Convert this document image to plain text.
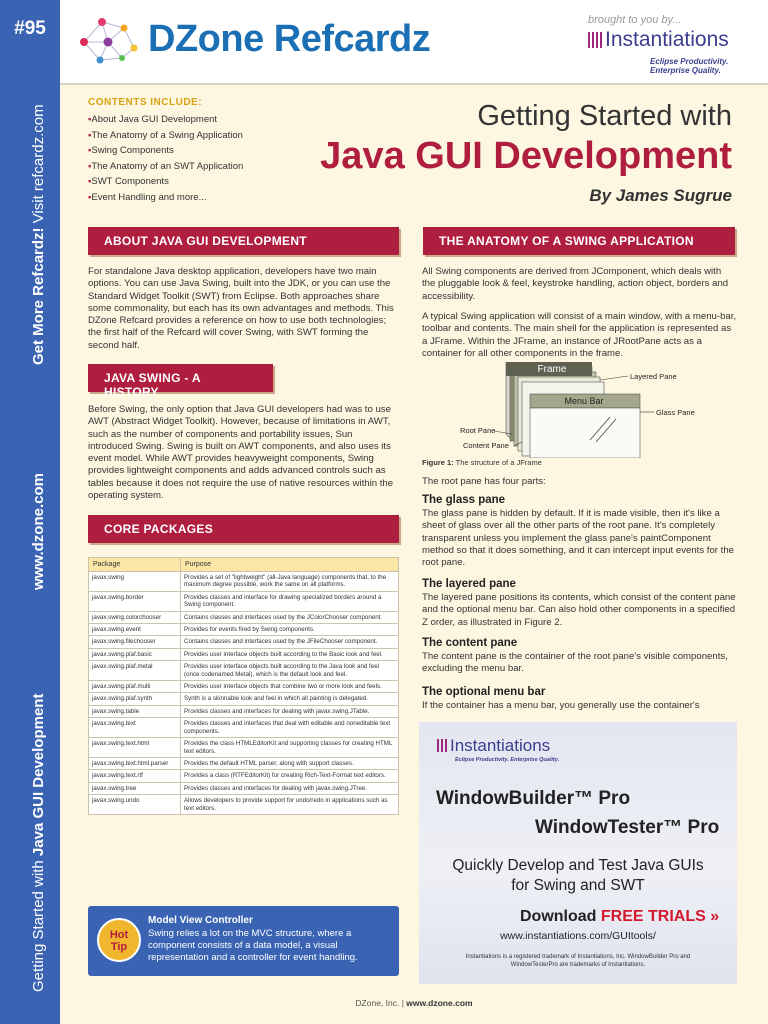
#95
Get More Refcardz! Visit refcardz.com
www.dzone.com
Getting Started with Java GUI Development
DZone Refcardz	brought to you by...
Instantiations
Eclipse Productivity. Enterprise Quality.
CONTENTS INCLUDE:
▪ About Java GUI Development
▪ The Anatomy of a Swing Application
▪ Swing Components
▪ The Anatomy of an SWT Application
▪ SWT Components
▪ Event Handling and more...
Getting Started with
Java GUI Development
By James Sugrue
ABOUT JAVA GUI DEVELOPMENT
For standalone Java desktop application, developers have two main options. You can use Java Swing, built into the JDK, or you can use the Standard Widget Toolkit (SWT) from Eclipse. Both approaches share some commonality, but each has its own advantages and methods. This DZone Refcard provides a reference on how to use both technologies; the first half of the Refcard will cover Swing, with SWT forming the second half.
JAVA SWING - A HISTORY
Before Swing, the only option that Java GUI developers had was to use AWT (Abstract Widget Toolkit). However, because of limitations in AWT, such as the number of components and portability issues, Sun introduced Swing. Swing is built on AWT components, and also uses its event model. While AWT provides heavyweight components, Swing provides lightweight components and adds advanced controls such as tables because it does not require the use of native resources within the operating system.
CORE PACKAGES
Package	Purpose
javax.swing	Provides a set of "lightweight" (all-Java language) components that, to the maximum degree possible, work the same on all platforms.
javax.swing.border	Provides classes and interface for drawing specialized borders around a Swing component.
javax.swing.colorchooser	Contains classes and interfaces used by the JColorChooser component.
javax.swing.event	Provides for events fired by Swing components.
javax.swing.filechooser	Contains classes and interfaces used by the JFileChooser component.
javax.swing.plaf.basic	Provides user interface objects built according to the Basic look and feel.
javax.swing.plaf.metal	Provides user interface objects built according to the Java look and feel (once codenamed Metal), which is the default look and feel.
javax.swing.plaf.multi	Provides user interface objects that combine two or more look and feels.
javax.swing.plaf.synth	Synth is a skinnable look and feel in which all painting is delegated.
javax.swing.table	Provides classes and interfaces for dealing with javax.swing.JTable.
javax.swing.text	Provides classes and interfaces that deal with editable and noneditable text components.
javax.swing.text.html	Provides the class HTMLEditorKit and supporting classes for creating HTML text editors.
javax.swing.text.html.parser	Provides the default HTML parser, along with support classes.
javax.swing.text.rtf	Provides a class (RTFEditorKit) for creating Rich-Text-Format text editors.
javax.swing.tree	Provides classes and interfaces for dealing with javax.swing.JTree.
javax.swing.undo	Allows developers to provide support for undo/redo in applications such as text editors.
Hot
Tip
Model View Controller
Swing relies a lot on the MVC structure, where a component consists of a data model, a visual representation and a controller for event handling.
THE ANATOMY OF A SWING APPLICATION
All Swing components are derived from JComponent, which deals with the pluggable look & feel, keystroke handling, action object, borders and accessibility.
A typical Swing application will consist of a main window, with a menu-bar, toolbar and contents. The main shell for the application is represented as a JFrame. Within the JFrame, an instance of JRootPane acts as a container for all other components in the frame.
Frame
Menu Bar
Layered Pane
Glass Pane
Root Pane
Content Pane
Figure 1: The structure of a JFrame
The root pane has four parts:
The glass pane
The glass pane is hidden by default. If it is made visible, then it's like a sheet of glass over all the other parts of the root pane. It's completely transparent unless you implement the glass pane's paintComponent method so that it does something, and it can intercept input events for the root pane.
The layered pane
The layered pane positions its contents, which consist of the content pane and the optional menu bar. Can also hold other components in a specified Z order, as illustrated in Figure 2.
The content pane
The content pane is the container of the root pane's visible components, excluding the menu bar.
The optional menu bar
If the container has a menu bar, you generally use the container's
Instantiations
Eclipse Productivity. Enterprise Quality.
WindowBuilder™ Pro
WindowTester™ Pro
Quickly Develop and Test Java GUIs
for Swing and SWT
Download FREE TRIALS »
www.instantiations.com/GUItools/
Instantiations is a registered trademark of Instantiations, Inc. WindowBuilder Pro and
WindowTesterPro are trademarks of Instantiations.
DZone, Inc. | www.dzone.com
